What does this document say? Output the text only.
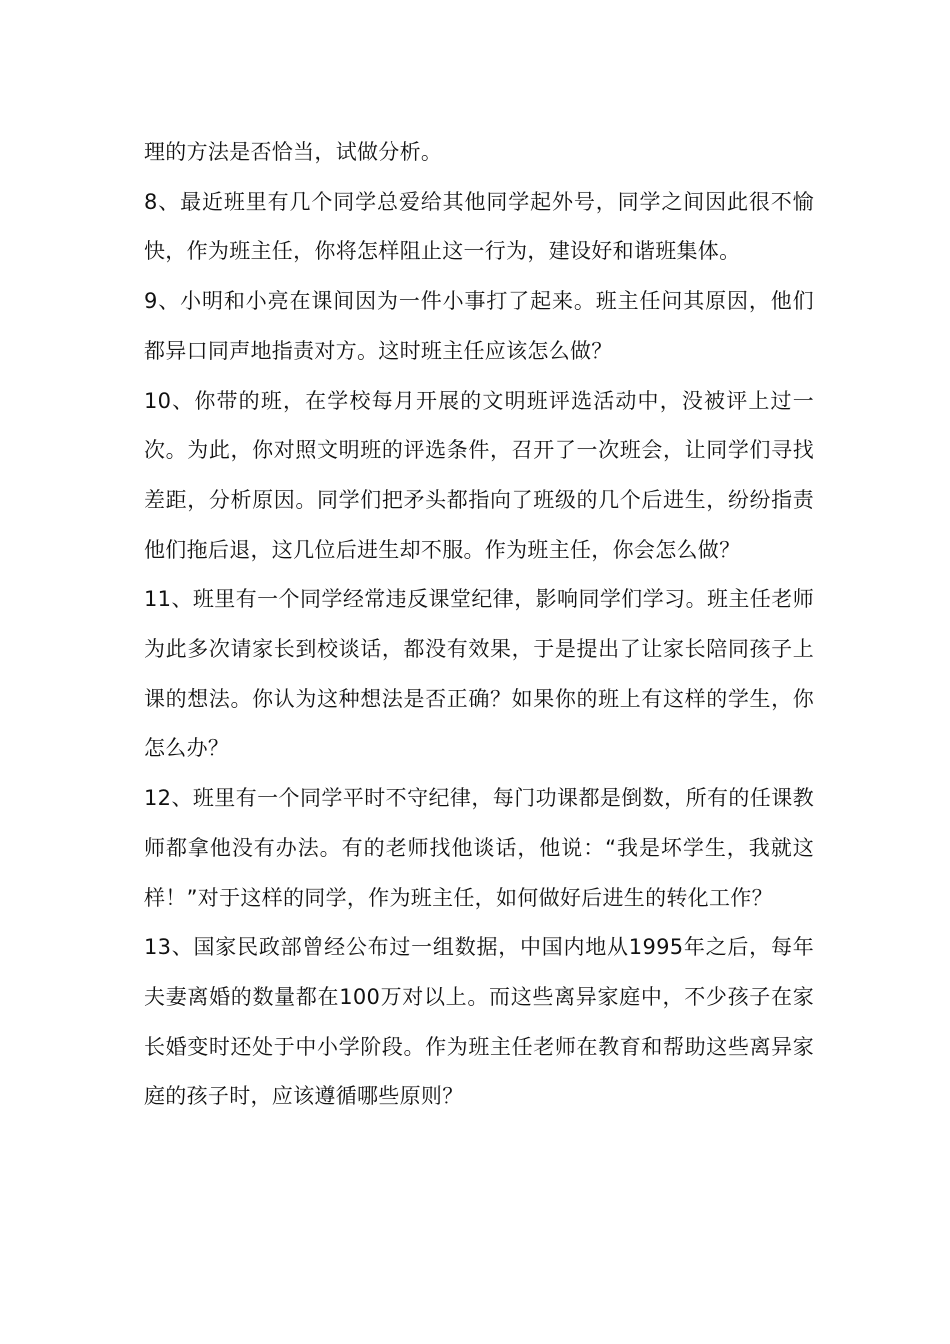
理的方法是否恰当，试做分析。

8、最近班里有几个同学总爱给其他同学起外号，同学之间因此很不愉快，作为班主任，你将怎样阻止这一行为，建设好和谐班集体。

9、小明和小亮在课间因为一件小事打了起来。班主任问其原因，他们都异口同声地指责对方。这时班主任应该怎么做？

10、你带的班，在学校每月开展的文明班评选活动中，没被评上过一次。为此，你对照文明班的评选条件，召开了一次班会，让同学们寻找差距，分析原因。同学们把矛头都指向了班级的几个后进生，纷纷指责他们拖后退，这几位后进生却不服。作为班主任，你会怎么做？

11、班里有一个同学经常违反课堂纪律，影响同学们学习。班主任老师为此多次请家长到校谈话，都没有效果，于是提出了让家长陪同孩子上课的想法。你认为这种想法是否正确？如果你的班上有这样的学生，你怎么办？

12、班里有一个同学平时不守纪律，每门功课都是倒数，所有的任课教师都拿他没有办法。有的老师找他谈话，他说：“我是坏学生，我就这样！”对于这样的同学，作为班主任，如何做好后进生的转化工作？

13、国家民政部曾经公布过一组数据，中国内地从1995年之后，每年夫妻离婚的数量都在100万对以上。而这些离异家庭中，不少孩子在家长婚变时还处于中小学阶段。作为班主任老师在教育和帮助这些离异家庭的孩子时，应该遵循哪些原则？
